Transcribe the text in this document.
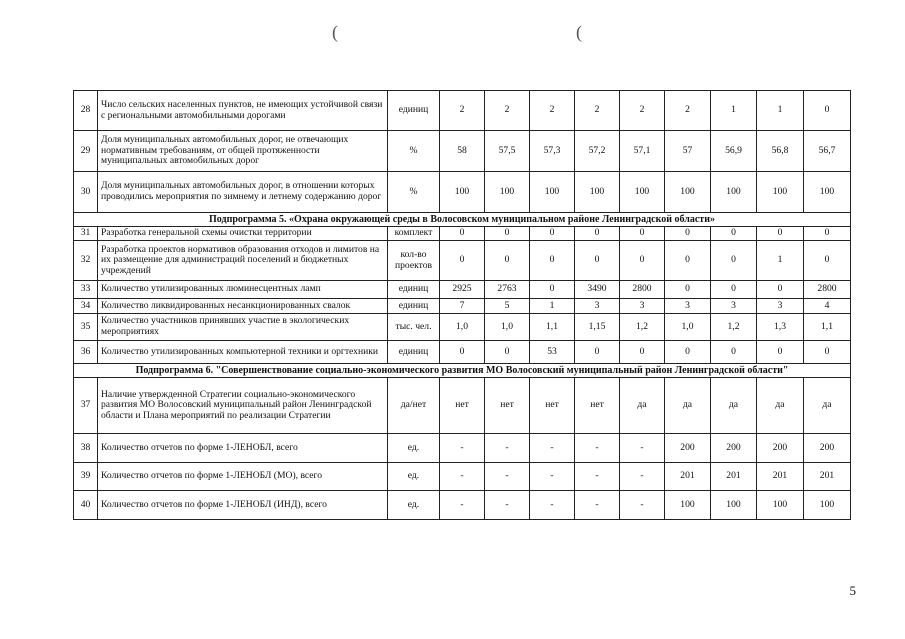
(	(
28	Число сельских населенных пунктов, не имеющих устойчивой связи с региональными автомобильными дорогами	единиц	2	2	2	2	2	2	1	1	0
29	Доля муниципальных автомобильных дорог, не отвечающих нормативным требованиям, от общей протяженности муниципальных автомобильных дорог	%	58	57,5	57,3	57,2	57,1	57	56,9	56,8	56,7
30	Доля муниципальных автомобильных дорог, в отношении которых проводились мероприятия по зимнему и летнему содержанию дорог	%	100	100	100	100	100	100	100	100	100
Подпрограмма 5. «Охрана окружающей среды в Волосовском муниципальном районе Ленинградской области»											
31	Разработка генеральной схемы очистки территории	комплект	0	0	0	0	0	0	0	0	0
32	Разработка проектов нормативов образования отходов и лимитов на их размещение для администраций поселений и бюджетных учреждений	кол-во проектов	0	0	0	0	0	0	0	1	0
33	Количество утилизированных люминесцентных ламп	единиц	2925	2763	0	3490	2800	0	0	0	2800
34	Количество ликвидированных несанкционированных свалок	единиц	7	5	1	3	3	3	3	3	4
35	Количество участников принявших участие в экологических мероприятиях	тыс. чел.	1,0	1,0	1,1	1,15	1,2	1,0	1,2	1,3	1,1
36	Количество утилизированных компьютерной техники и оргтехники	единиц	0	0	53	0	0	0	0	0	0
Подпрограмма 6. "Совершенствование социально-экономического развития МО Волосовский муниципальный район Ленинградской области"											
37	Наличие утвержденной Стратегии социально-экономического развития МО Волосовский муниципальный район Ленинградской области и Плана мероприятий по реализации Стратегии	да/нет	нет	нет	нет	нет	да	да	да	да	да
38	Количество отчетов по форме 1-ЛЕНОБЛ, всего	ед.	-	-	-	-	-	200	200	200	200
39	Количество отчетов по форме 1-ЛЕНОБЛ (МО), всего	ед.	-	-	-	-	-	201	201	201	201
40	Количество отчетов по форме 1-ЛЕНОБЛ (ИНД), всего	ед.	-	-	-	-	-	100	100	100	100
5
